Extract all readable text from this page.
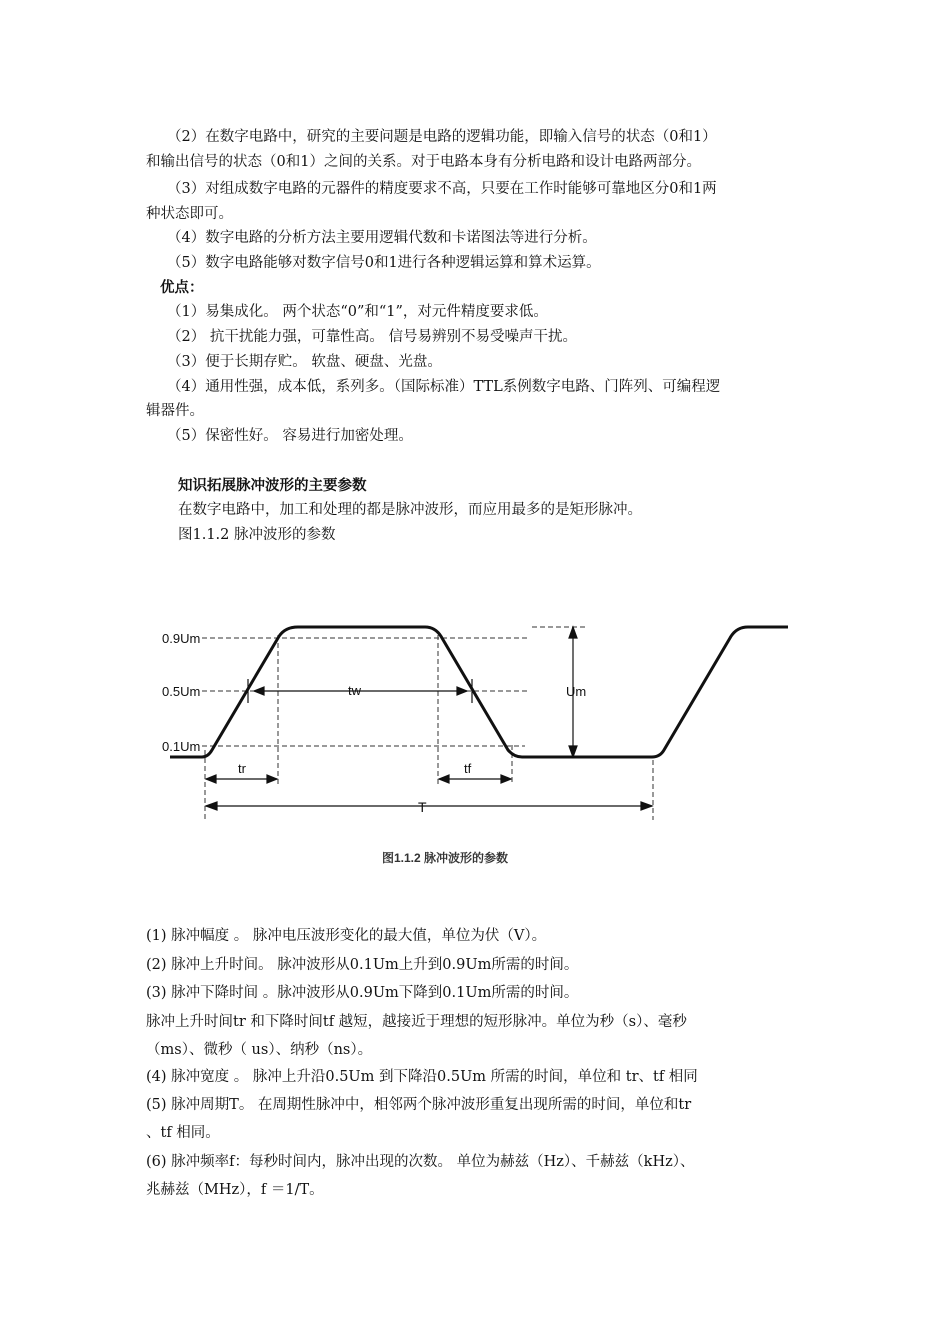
（2）在数字电路中，研究的主要问题是电路的逻辑功能，即输入信号的状态（0和1）
和输出信号的状态（0和1）之间的关系。对于电路本身有分析电路和设计电路两部分。
（3）对组成数字电路的元器件的精度要求不高，只要在工作时能够可靠地区分0和1两
种状态即可。
（4）数字电路的分析方法主要用逻辑代数和卡诺图法等进行分析。
（5）数字电路能够对数字信号0和1进行各种逻辑运算和算术运算。
优点：
（1）易集成化。 两个状态“0”和“1”，对元件精度要求低。
（2） 抗干扰能力强，可靠性高。 信号易辨别不易受噪声干扰。
（3）便于长期存贮。 软盘、硬盘、光盘。
（4）通用性强，成本低，系列多。（国际标准）TTL系例数字电路、门阵列、可编程逻
辑器件。
（5）保密性好。 容易进行加密处理。
知识拓展脉冲波形的主要参数
在数字电路中，加工和处理的都是脉冲波形，而应用最多的是矩形脉冲。
图1.1.2 脉冲波形的参数
0.9Um
0.5Um
0.1Um
tw
tr	tf
Um
T
图1.1.2 脉冲波形的参数
(1) 脉冲幅度 。 脉冲电压波形变化的最大值，单位为伏（V）。
(2) 脉冲上升时间。 脉冲波形从0.1Um上升到0.9Um所需的时间。
(3) 脉冲下降时间 。脉冲波形从0.9Um下降到0.1Um所需的时间。
脉冲上升时间tr 和下降时间tf 越短，越接近于理想的短形脉冲。单位为秒（s）、毫秒
（ms）、微秒（ us）、纳秒（ns）。
(4) 脉冲宽度 。 脉冲上升沿0.5Um 到下降沿0.5Um 所需的时间，单位和 tr、tf 相同
(5) 脉冲周期T。 在周期性脉冲中，相邻两个脉冲波形重复出现所需的时间，单位和tr
、tf 相同。
(6) 脉冲频率f：每秒时间内，脉冲出现的次数。 单位为赫兹（Hz）、千赫兹（kHz）、
兆赫兹（MHz），f ＝1/T。
